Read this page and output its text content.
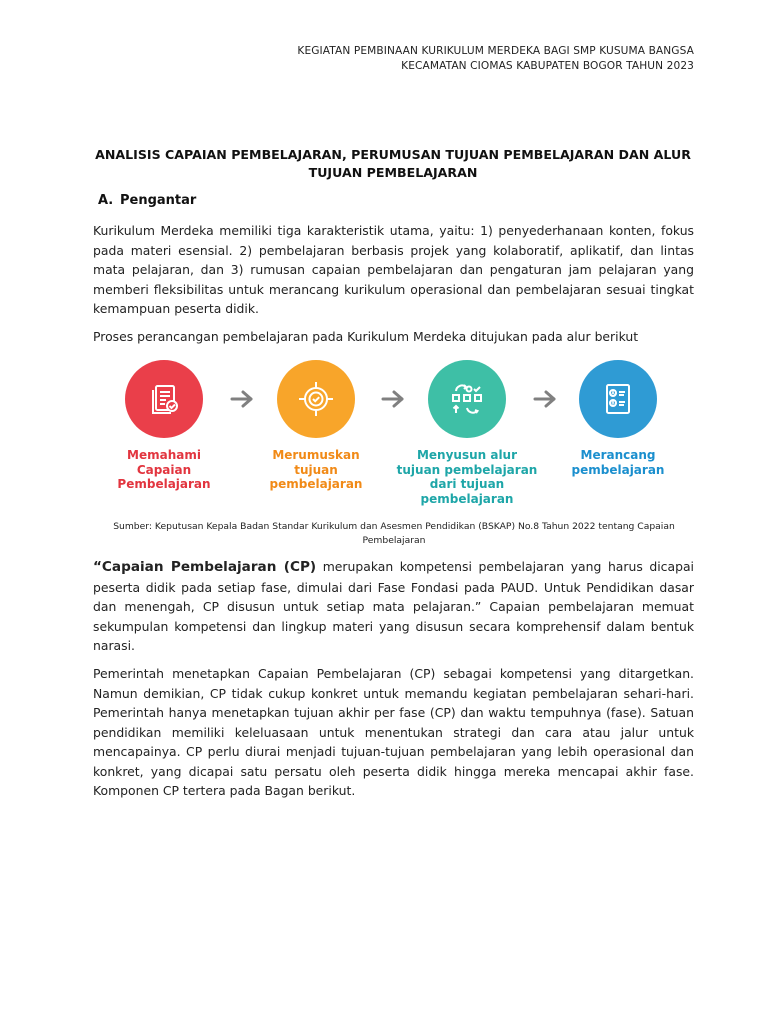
KEGIATAN PEMBINAAN KURIKULUM MERDEKA BAGI SMP KUSUMA BANGSA
KECAMATAN CIOMAS KABUPATEN BOGOR TAHUN 2023
ANALISIS CAPAIAN PEMBELAJARAN, PERUMUSAN TUJUAN PEMBELAJARAN DAN ALUR
TUJUAN PEMBELAJARAN
A. Pengantar
Kurikulum Merdeka memiliki tiga karakteristik utama, yaitu: 1) penyederhanaan konten, fokus pada materi esensial. 2) pembelajaran berbasis projek yang kolaboratif, aplikatif, dan lintas mata pelajaran, dan 3) rumusan capaian pembelajaran dan pengaturan jam pelajaran yang memberi fleksibilitas untuk merancang kurikulum operasional dan pembelajaran sesuai tingkat kemampuan peserta didik.
Proses perancangan pembelajaran pada Kurikulum Merdeka ditujukan pada alur berikut
Memahami
Capaian
Pembelajaran
Merumuskan
tujuan
pembelajaran
Menyusun alur
tujuan pembelajaran
dari tujuan
pembelajaran
A
B
Merancang
pembelajaran
Sumber: Keputusan Kepala Badan Standar Kurikulum dan Asesmen Pendidikan (BSKAP) No.8 Tahun 2022 tentang Capaian
Pembelajaran
“Capaian Pembelajaran (CP) merupakan kompetensi pembelajaran yang harus dicapai peserta didik pada setiap fase, dimulai dari Fase Fondasi pada PAUD. Untuk Pendidikan dasar dan menengah, CP disusun untuk setiap mata pelajaran.” Capaian pembelajaran memuat sekumpulan kompetensi dan lingkup materi yang disusun secara komprehensif dalam bentuk narasi.
Pemerintah menetapkan Capaian Pembelajaran (CP) sebagai kompetensi yang ditargetkan. Namun demikian, CP tidak cukup konkret untuk memandu kegiatan pembelajaran sehari-hari. Pemerintah hanya menetapkan tujuan akhir per fase (CP) dan waktu tempuhnya (fase). Satuan pendidikan memiliki keleluasaan untuk menentukan strategi dan cara atau jalur untuk mencapainya. CP perlu diurai menjadi tujuan-tujuan pembelajaran yang lebih operasional dan konkret, yang dicapai satu persatu oleh peserta didik hingga mereka mencapai akhir fase. Komponen CP tertera pada Bagan berikut.
